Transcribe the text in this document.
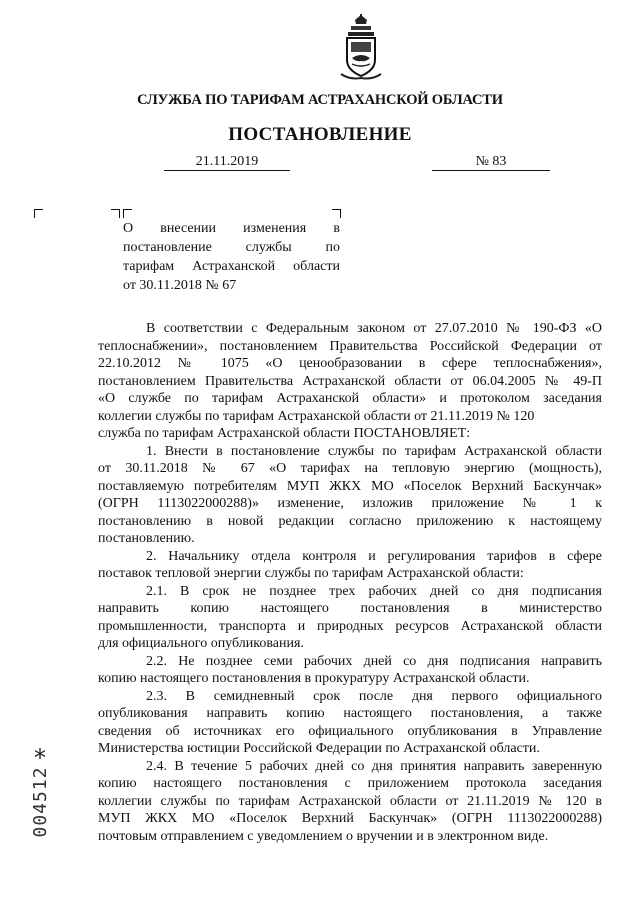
СЛУЖБА ПО ТАРИФАМ АСТРАХАНСКОЙ ОБЛАСТИ
ПОСТАНОВЛЕНИЕ
21.11.2019	№ 83
О внесении изменения в
постановление службы по
тарифам Астраханской области
от 30.11.2018 № 67
В соответствии с Федеральным законом от 27.07.2010 № 190-ФЗ «О
теплоснабжении», постановлением Правительства Российской Федерации от
22.10.2012 № 1075 «О ценообразовании в сфере теплоснабжения»,
постановлением Правительства Астраханской области от 06.04.2005 № 49-П
«О службе по тарифам Астраханской области» и протоколом заседания
коллегии службы по тарифам Астраханской области от 21.11.2019 № 120
служба по тарифам Астраханской области ПОСТАНОВЛЯЕТ:
1. Внести в постановление службы по тарифам Астраханской области
от 30.11.2018 № 67 «О тарифах на тепловую энергию (мощность),
поставляемую потребителям МУП ЖКХ МО «Поселок Верхний Баскунчак»
(ОГРН 1113022000288)» изменение, изложив приложение № 1 к
постановлению в новой редакции согласно приложению к настоящему
постановлению.
2. Начальнику отдела контроля и регулирования тарифов в сфере
поставок тепловой энергии службы по тарифам Астраханской области:
2.1. В срок не позднее трех рабочих дней со дня подписания
направить копию настоящего постановления в министерство
промышленности, транспорта и природных ресурсов Астраханской области
для официального опубликования.
2.2. Не позднее семи рабочих дней со дня подписания направить
копию настоящего постановления в прокуратуру Астраханской области.
2.3. В семидневный срок после дня первого официального
опубликования направить копию настоящего постановления, а также
сведения об источниках его официального опубликования в Управление
Министерства юстиции Российской Федерации по Астраханской области.
2.4. В течение 5 рабочих дней со дня принятия направить заверенную
копию настоящего постановления с приложением протокола заседания
коллегии службы по тарифам Астраханской области от 21.11.2019 № 120 в
МУП ЖКХ МО «Поселок Верхний Баскунчак» (ОГРН 1113022000288)
почтовым отправлением с уведомлением о вручении и в электронном виде.
*
004512
